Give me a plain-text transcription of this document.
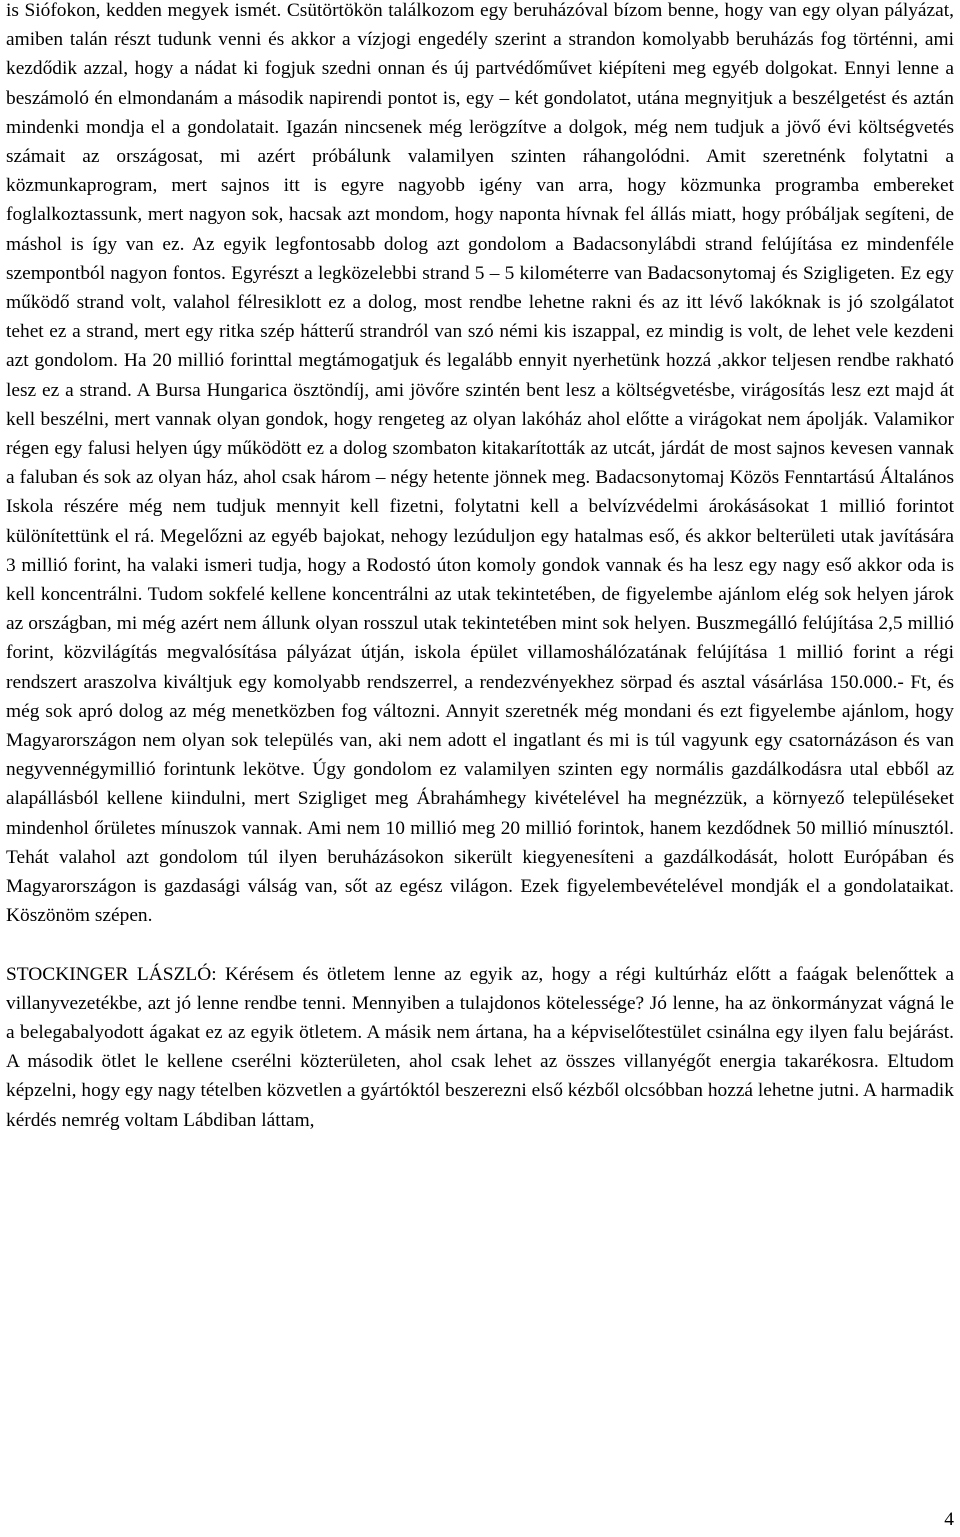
is Siófokon, kedden megyek ismét. Csütörtökön találkozom egy beruházóval bízom benne, hogy van egy olyan pályázat, amiben talán részt tudunk venni és akkor a vízjogi engedély szerint a strandon komolyabb beruházás fog történni, ami kezdődik azzal, hogy a nádat ki fogjuk szedni onnan és új partvédőművet kiépíteni meg egyéb dolgokat. Ennyi lenne a beszámoló én elmondanám a második napirendi pontot is, egy – két gondolatot, utána megnyitjuk a beszélgetést és aztán mindenki mondja el a gondolatait. Igazán nincsenek még lerögzítve a dolgok, még nem tudjuk a jövő évi költségvetés számait az országosat, mi azért próbálunk valamilyen szinten ráhangolódni. Amit szeretnénk folytatni a közmunkaprogram, mert sajnos itt is egyre nagyobb igény van arra, hogy közmunka programba embereket foglalkoztassunk, mert nagyon sok, hacsak azt mondom, hogy naponta hívnak fel állás miatt, hogy próbáljak segíteni, de máshol is így van ez. Az egyik legfontosabb dolog azt gondolom a Badacsonylábdi strand felújítása ez mindenféle szempontból nagyon fontos. Egyrészt a legközelebbi strand 5 – 5 kilométerre van Badacsonytomaj és Szigligeten. Ez egy működő strand volt, valahol félresiklott ez a dolog, most rendbe lehetne rakni és az itt lévő lakóknak is jó szolgálatot tehet ez a strand, mert egy ritka szép hátterű strandról van szó némi kis iszappal, ez mindig is volt, de lehet vele kezdeni azt gondolom. Ha 20 millió forinttal megtámogatjuk és legalább ennyit nyerhetünk hozzá ,akkor teljesen rendbe rakható lesz ez a strand. A Bursa Hungarica ösztöndíj, ami jövőre szintén bent lesz a költségvetésbe, virágosítás lesz ezt majd át kell beszélni, mert vannak olyan gondok, hogy rengeteg az olyan lakóház ahol előtte a virágokat nem ápolják. Valamikor régen egy falusi helyen úgy működött ez a dolog szombaton kitakarították az utcát, járdát de most sajnos kevesen vannak a faluban és sok az olyan ház, ahol csak három – négy hetente jönnek meg. Badacsonytomaj Közös Fenntartású Általános Iskola részére még nem tudjuk mennyit kell fizetni, folytatni kell a belvízvédelmi árokásásokat 1 millió forintot különítettünk el rá. Megelőzni az egyéb bajokat, nehogy lezúduljon egy hatalmas eső, és akkor belterületi utak javítására 3 millió forint, ha valaki ismeri tudja, hogy a Rodostó úton komoly gondok vannak és ha lesz egy nagy eső akkor oda is kell koncentrálni. Tudom sokfelé kellene koncentrálni az utak tekintetében, de figyelembe ajánlom elég sok helyen járok az országban, mi még azért nem állunk olyan rosszul utak tekintetében mint sok helyen. Buszmegálló felújítása 2,5 millió forint, közvilágítás megvalósítása pályázat útján, iskola épület villamoshálózatának felújítása 1 millió forint a régi rendszert araszolva kiváltjuk egy komolyabb rendszerrel, a rendezvényekhez sörpad és asztal vásárlása 150.000.- Ft, és még sok apró dolog az még menetközben fog változni. Annyit szeretnék még mondani és ezt figyelembe ajánlom, hogy Magyarországon nem olyan sok település van, aki nem adott el ingatlant és mi is túl vagyunk egy csatornázáson és van negyvennégymillió forintunk lekötve. Úgy gondolom ez valamilyen szinten egy normális gazdálkodásra utal ebből az alapállásból kellene kiindulni, mert Szigliget meg Ábrahámhegy kivételével ha megnézzük, a környező településeket mindenhol őrületes mínuszok vannak. Ami nem 10 millió meg 20 millió forintok, hanem kezdődnek 50 millió mínusztól. Tehát valahol azt gondolom túl ilyen beruházásokon sikerült kiegyenesíteni a gazdálkodását, holott Európában és Magyarországon is gazdasági válság van, sőt az egész világon. Ezek figyelembevételével mondják el a gondolataikat. Köszönöm szépen.

STOCKINGER LÁSZLÓ: Kérésem és ötletem lenne az egyik az, hogy a régi kultúrház előtt a faágak belenőttek a villanyvezetékbe, azt jó lenne rendbe tenni. Mennyiben a tulajdonos kötelessége? Jó lenne, ha az önkormányzat vágná le a belegabalyodott ágakat ez az egyik ötletem. A másik nem ártana, ha a képviselőtestület csinálna egy ilyen falu bejárást. A második ötlet le kellene cserélni közterületen, ahol csak lehet az összes villanyégőt energia takarékosra. Eltudom képzelni, hogy egy nagy tételben közvetlen a gyártóktól beszerezni első kézből olcsóbban hozzá lehetne jutni. A harmadik kérdés nemrég voltam Lábdiban láttam,

4
